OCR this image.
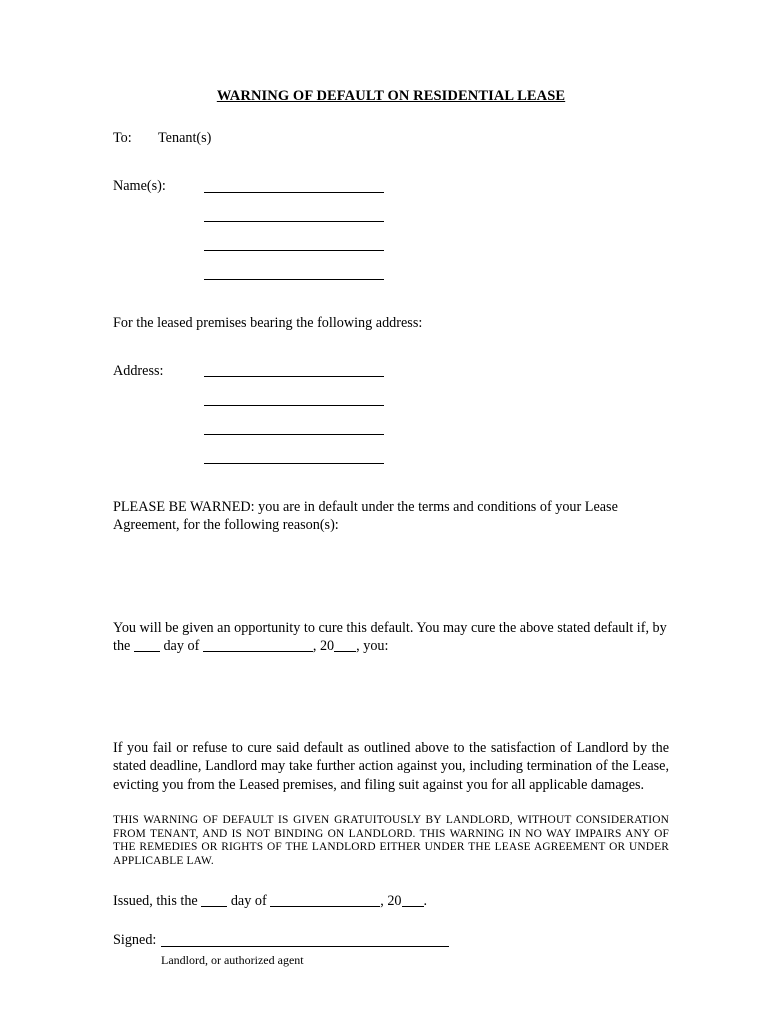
WARNING OF DEFAULT ON RESIDENTIAL LEASE
To: Tenant(s)
Name(s):
For the leased premises bearing the following address:
Address:
PLEASE BE WARNED: you are in default under the terms and conditions of your Lease Agreement, for the following reason(s):
You will be given an opportunity to cure this default. You may cure the above stated default if, by the day of	, 20 , you:
If you fail or refuse to cure said default as outlined above to the satisfaction of Landlord by the stated deadline, Landlord may take further action against you, including termination of the Lease, evicting you from the Leased premises, and filing suit against you for all applicable damages.
THIS WARNING OF DEFAULT IS GIVEN GRATUITOUSLY BY LANDLORD, WITHOUT CONSIDERATION FROM TENANT, AND IS NOT BINDING ON LANDLORD. THIS WARNING IN NO WAY IMPAIRS ANY OF THE REMEDIES OR RIGHTS OF THE LANDLORD EITHER UNDER THE LEASE AGREEMENT OR UNDER APPLICABLE LAW.
Issued, this the day of	, 20 .
Signed:
Landlord, or authorized agent
